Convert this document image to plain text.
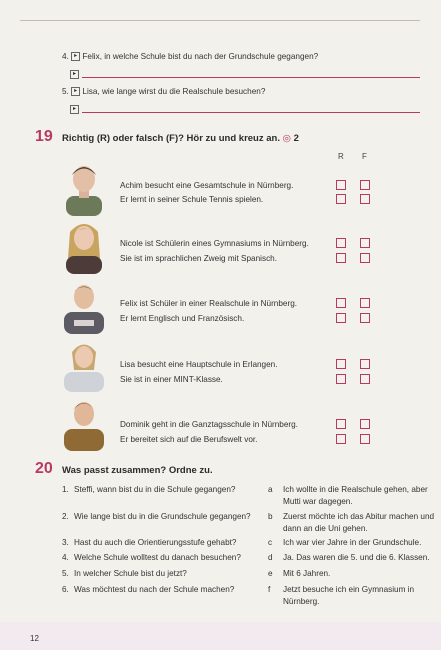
4. ▸ Felix, in welche Schule bist du nach der Grundschule gegangen?
▸
5. ▸ Lisa, wie lange wirst du die Realschule besuchen?
▸
19 Richtig (R) oder falsch (F)? Hör zu und kreuz an. ◎ 2
R F
Achim besucht eine Gesamtschule in Nürnberg.
Er lernt in seiner Schule Tennis spielen.
Nicole ist Schülerin eines Gymnasiums in Nürnberg.
Sie ist im sprachlichen Zweig mit Spanisch.
Felix ist Schüler in einer Realschule in Nürnberg.
Er lernt Englisch und Französisch.
Lisa besucht eine Hauptschule in Erlangen.
Sie ist in einer MINT-Klasse.
Dominik geht in die Ganztagsschule in Nürnberg.
Er bereitet sich auf die Berufswelt vor.
20 Was passt zusammen? Ordne zu.
1. Steffi, wann bist du in die Schule gegangen?
2. Wie lange bist du in die Grundschule gegangen?
3. Hast du auch die Orientierungsstufe gehabt?
4. Welche Schule wolltest du danach besuchen?
5. In welcher Schule bist du jetzt?
6. Was möchtest du nach der Schule machen?
a Ich wollte in die Realschule gehen, aber
Mutti war dagegen.
b Zuerst möchte ich das Abitur machen und
dann an die Uni gehen.
c Ich war vier Jahre in der Grundschule.
d Ja. Das waren die 5. und die 6. Klassen.
e Mit 6 Jahren.
f Jetzt besuche ich ein Gymnasium in
Nürnberg.
12
